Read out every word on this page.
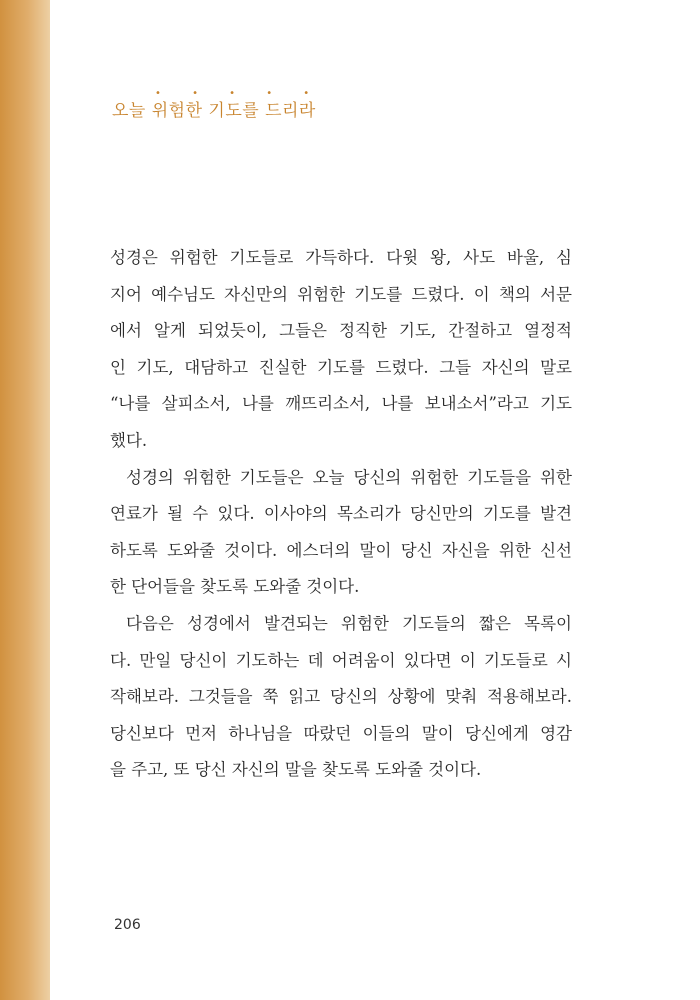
• • • • •
오늘 위험한 기도를 드리라
성경은 위험한 기도들로 가득하다. 다윗 왕, 사도 바울, 심
지어 예수님도 자신만의 위험한 기도를 드렸다. 이 책의 서문
에서 알게 되었듯이, 그들은 정직한 기도, 간절하고 열정적
인 기도, 대담하고 진실한 기도를 드렸다. 그들 자신의 말로
“나를 살피소서, 나를 깨뜨리소서, 나를 보내소서”라고 기도
했다.
성경의 위험한 기도들은 오늘 당신의 위험한 기도들을 위한
연료가 될 수 있다. 이사야의 목소리가 당신만의 기도를 발견
하도록 도와줄 것이다. 에스더의 말이 당신 자신을 위한 신선
한 단어들을 찾도록 도와줄 것이다.
다음은 성경에서 발견되는 위험한 기도들의 짧은 목록이
다. 만일 당신이 기도하는 데 어려움이 있다면 이 기도들로 시
작해보라. 그것들을 쭉 읽고 당신의 상황에 맞춰 적용해보라.
당신보다 먼저 하나님을 따랐던 이들의 말이 당신에게 영감
을 주고, 또 당신 자신의 말을 찾도록 도와줄 것이다.
206
